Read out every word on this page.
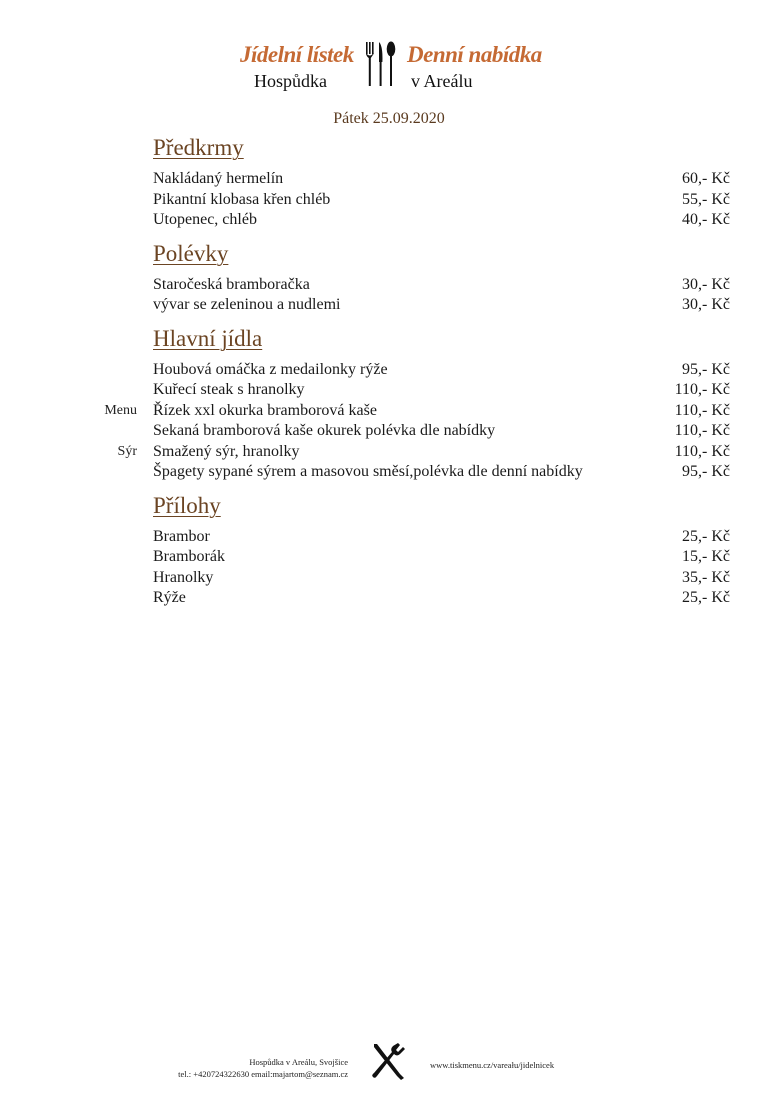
Jídelní lístek Denní nabídka
Hospůdka	v Areálu
Pátek 25.09.2020
Předkrmy
Nakládaný hermelín	60,- Kč
Pikantní klobasa křen chléb	55,- Kč
Utopenec, chléb	40,- Kč
Polévky
Staročeská bramboračka	30,- Kč
vývar se zeleninou a nudlemi	30,- Kč
Hlavní jídla
Houbová omáčka z medailonky rýže	95,- Kč
Kuřecí steak s hranolky	110,- Kč
Menu Řízek xxl okurka bramborová kaše	110,- Kč
Sekaná bramborová kaše okurek polévka dle nabídky	110,- Kč
Sýr Smažený sýr, hranolky	110,- Kč
Špagety sypané sýrem a masovou směsí,polévka dle denní nabídky	95,- Kč
Přílohy
Brambor	25,- Kč
Bramborák	15,- Kč
Hranolky	35,- Kč
Rýže	25,- Kč
Hospůdka v Areálu, Svojšice
tel.: +420724322630 email:majartom@seznam.cz
www.tiskmenu.cz/vareału/jidelnicek
